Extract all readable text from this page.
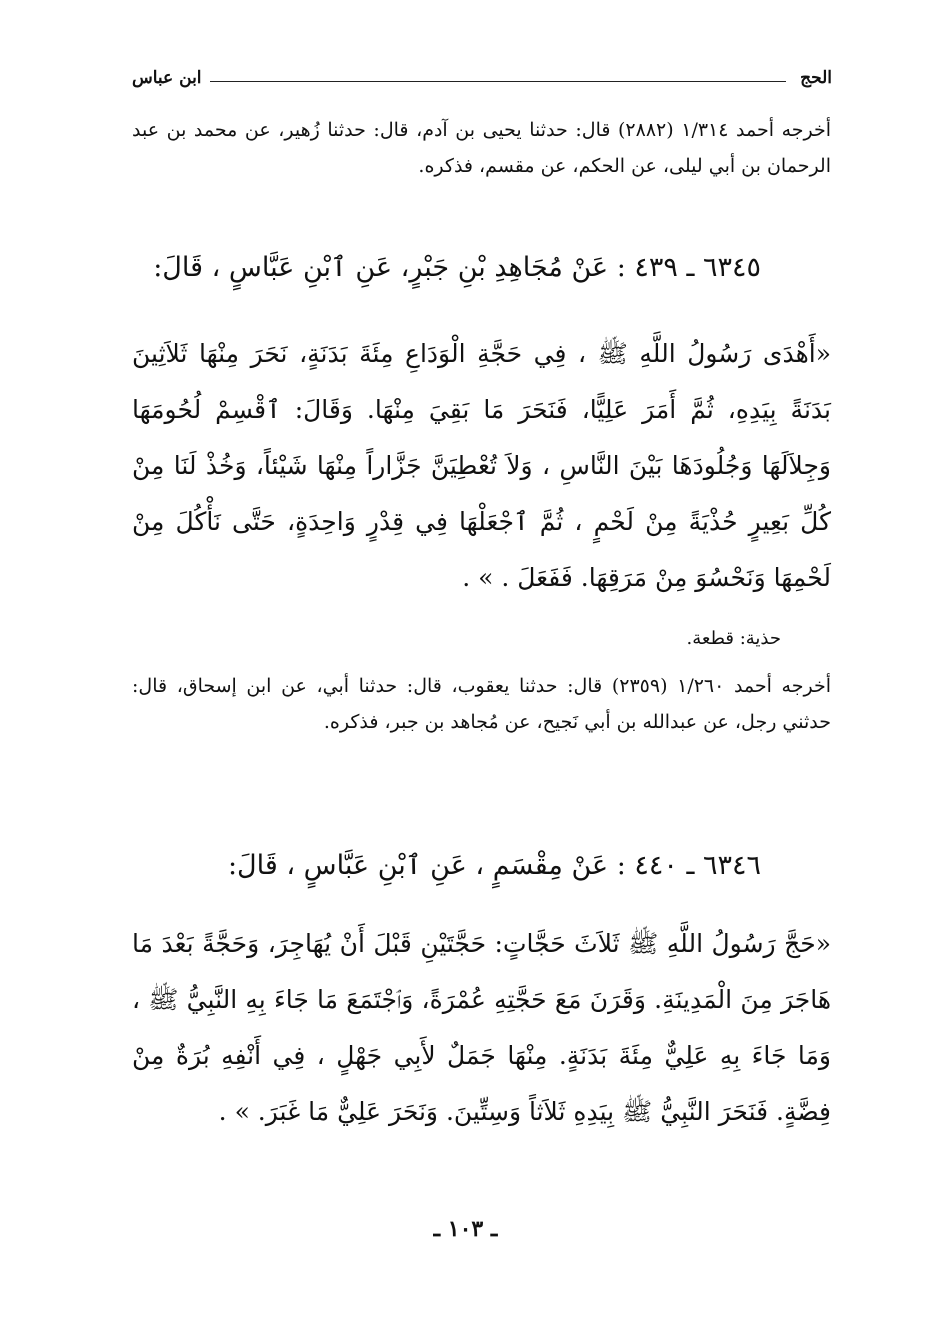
الحج
ابن عباس
أخرجه أحمد ١/٣١٤ (٢٨٨٢) قال: حدثنا يحيى بن آدم، قال: حدثنا زُهير، عن محمد بن عبد الرحمان بن أبي ليلى، عن الحكم، عن مقسم، فذكره.
٦٣٤٥ ـ ٤٣٩ : عَنْ مُجَاهِدِ بْنِ جَبْرٍ، عَنِ ٱبْنِ عَبَّاسٍ ، قَالَ:
«أَهْدَى رَسُولُ اللَّهِ ﷺ ، فِي حَجَّةِ الْوَدَاعِ مِئَةَ بَدَنَةٍ، نَحَرَ مِنْهَا ثَلاَثِينَ بَدَنَةً بِيَدِهِ، ثُمَّ أَمَرَ عَلِيًّا، فَنَحَرَ مَا بَقِيَ مِنْهَا. وَقَالَ: ٱقْسِمْ لُحُومَهَا وَجِلاَلَهَا وَجُلُودَهَا بَيْنَ النَّاسِ ، وَلاَ تُعْطِيَنَّ جَزَّاراً مِنْهَا شَيْئاً، وَخُذْ لَنَا مِنْ كُلِّ بَعِيرٍ حُذْيَةً مِنْ لَحْمٍ ، ثُمَّ ٱجْعَلْهَا فِي قِدْرٍ وَاحِدَةٍ، حَتَّى نَأْكُلَ مِنْ لَحْمِهَا وَنَحْسُوَ مِنْ مَرَقِهَا. فَفَعَلَ . » .
حذية: قطعة.
أخرجه أحمد ١/٢٦٠ (٢٣٥٩) قال: حدثنا يعقوب، قال: حدثنا أبي، عن ابن إسحاق، قال: حدثني رجل، عن عبدالله بن أبي نَجيح، عن مُجاهد بن جبر، فذكره.
٦٣٤٦ ـ ٤٤٠ : عَنْ مِقْسَمٍ ، عَنِ ٱبْنِ عَبَّاسٍ ، قَالَ:
«حَجَّ رَسُولُ اللَّهِ ﷺ ثَلاَثَ حَجَّاتٍ: حَجَّتَيْنِ قَبْلَ أَنْ يُهَاجِرَ، وَحَجَّةً بَعْدَ مَا هَاجَرَ مِنَ الْمَدِينَةِ. وَقَرَنَ مَعَ حَجَّتِهِ عُمْرَةً، وَٱجْتَمَعَ مَا جَاءَ بِهِ النَّبِيُّ ﷺ ، وَمَا جَاءَ بِهِ عَلِيٌّ مِئَةَ بَدَنَةٍ. مِنْهَا جَمَلٌ لأَبِي جَهْلٍ ، فِي أَنْفِهِ بُرَةٌ مِنْ فِضَّةٍ. فَنَحَرَ النَّبِيُّ ﷺ بِيَدِهِ ثَلاَثاً وَسِتِّينَ. وَنَحَرَ عَلِيٌّ مَا غَبَرَ. » .
ـ ١٠٣ ـ
